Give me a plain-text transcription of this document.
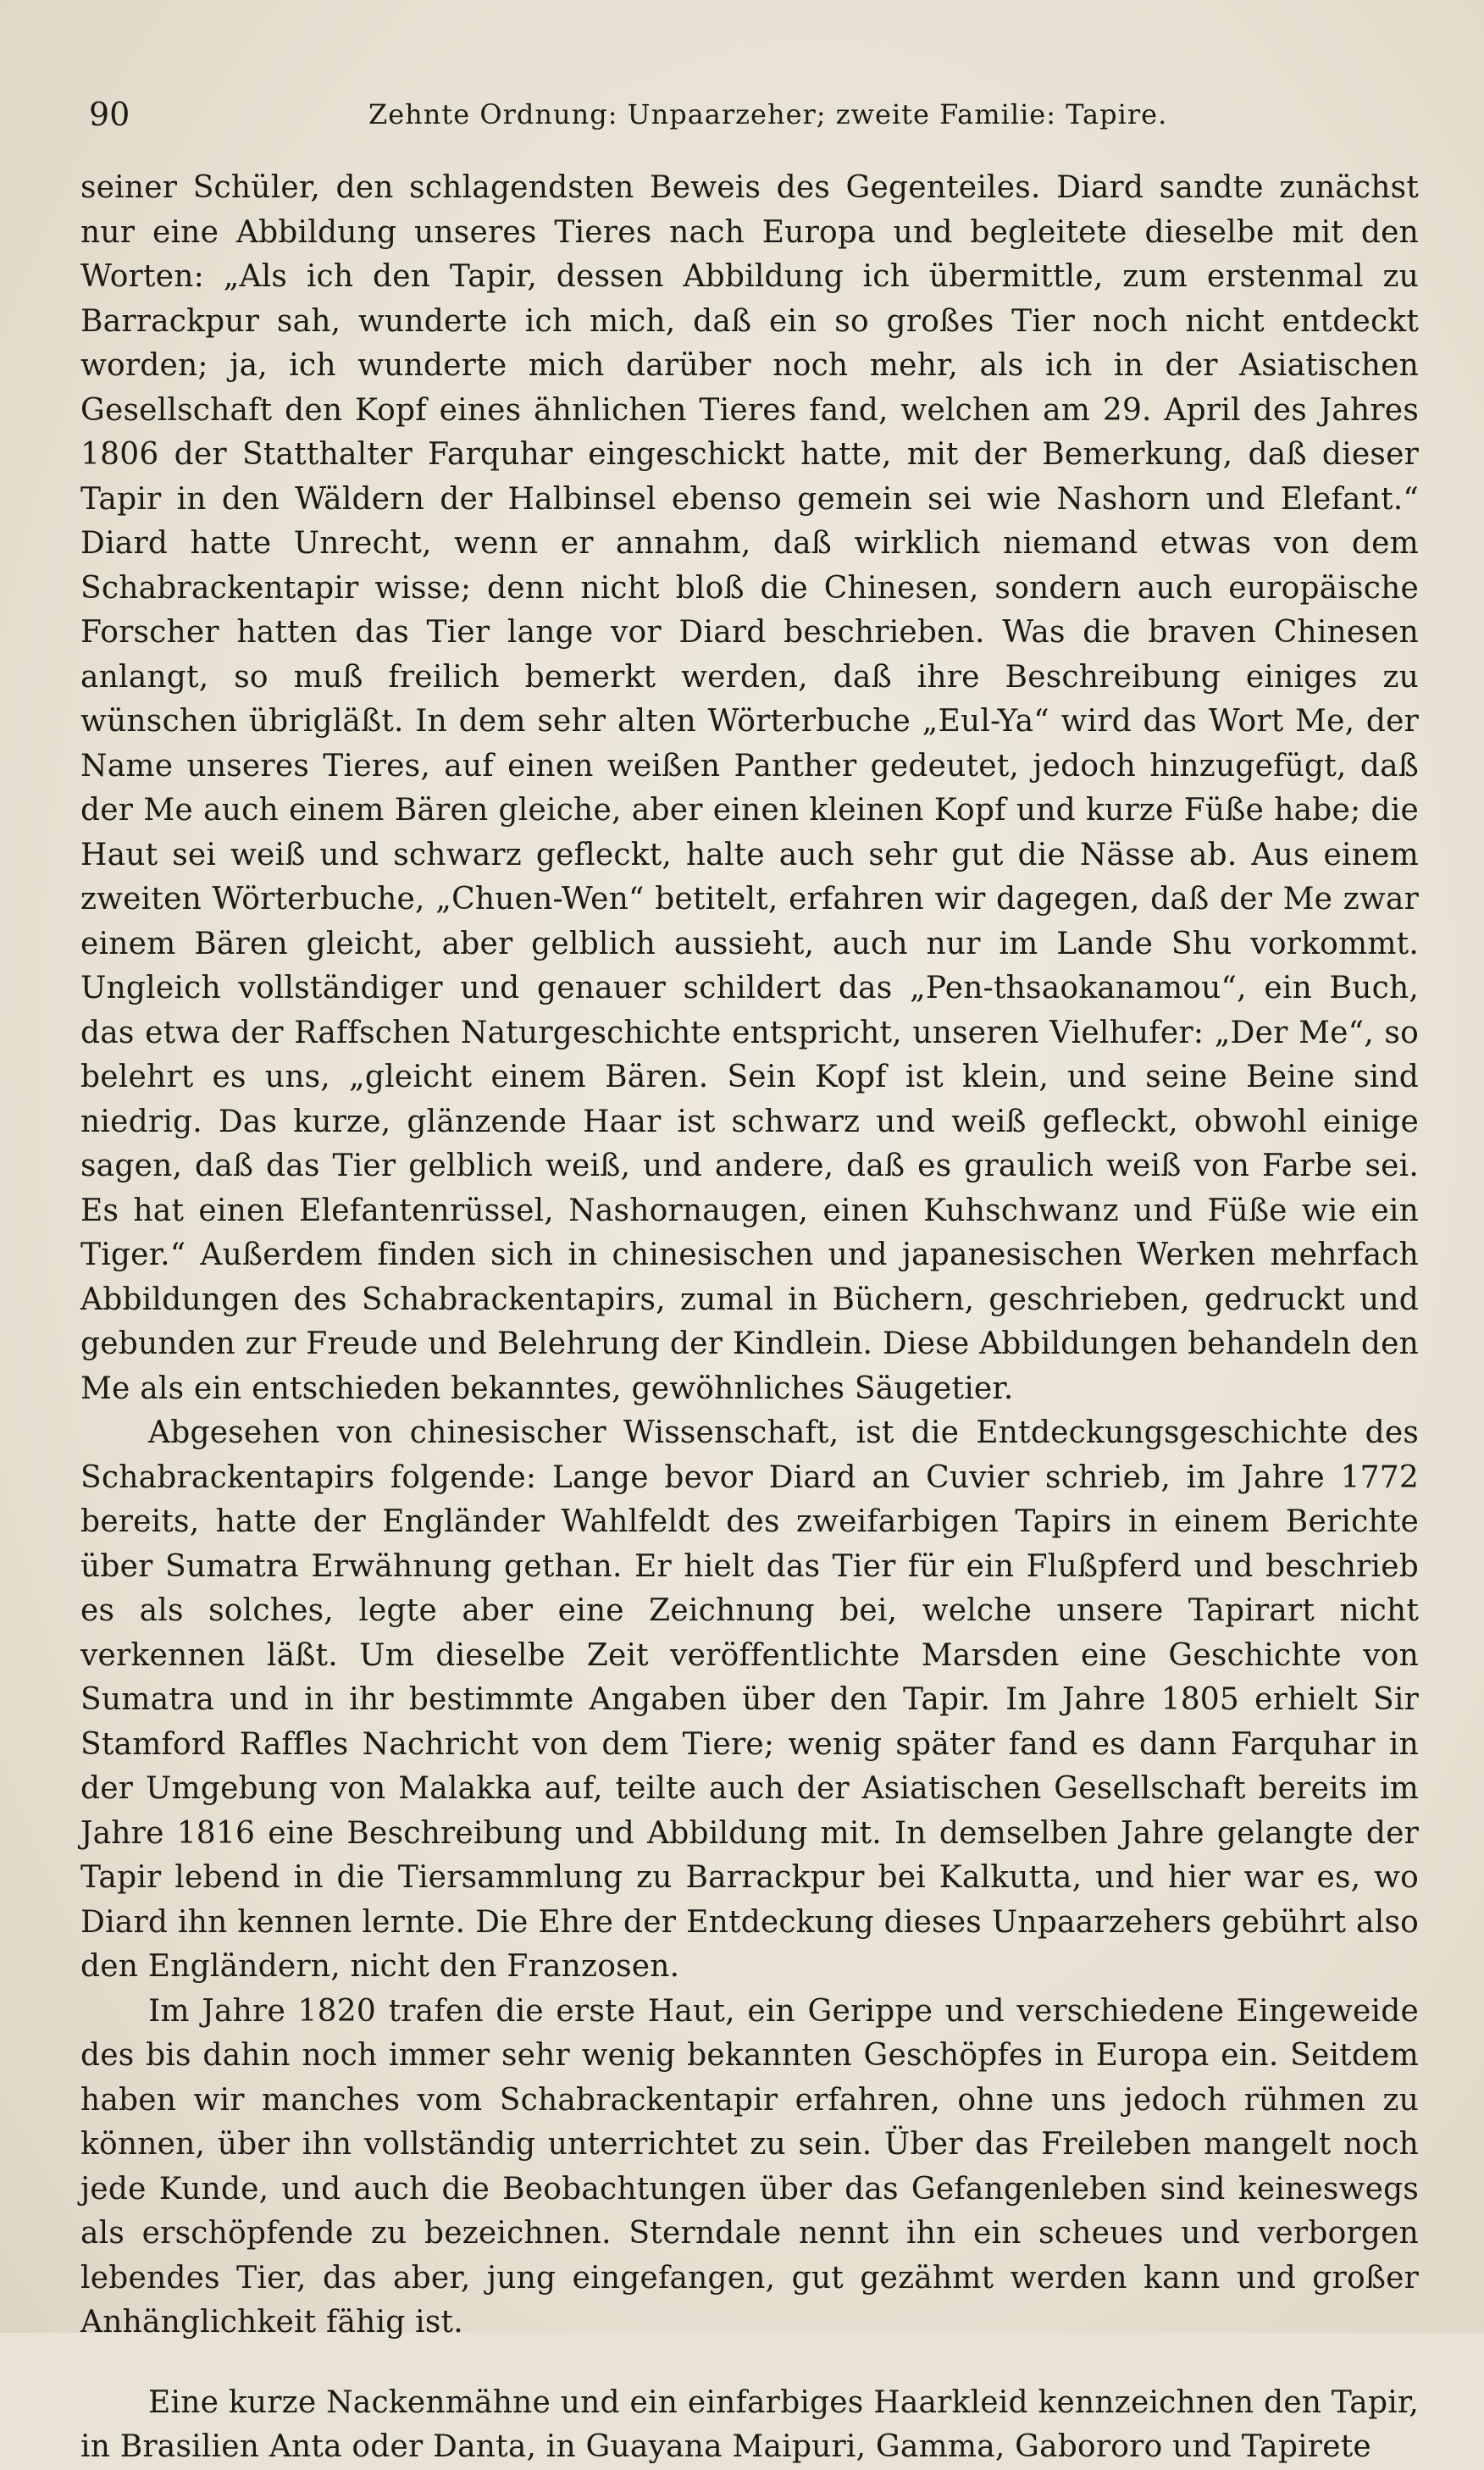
90	Zehnte Ordnung: Unpaarzeher; zweite Familie: Tapire.

seiner Schüler, den schlagendsten Beweis des Gegenteiles. Diard sandte zunächst nur eine Abbildung unseres Tieres nach Europa und begleitete dieselbe mit den Worten: „Als ich den Tapir, dessen Abbildung ich übermittle, zum erstenmal zu Barrackpur sah, wunderte ich mich, daß ein so großes Tier noch nicht entdeckt worden; ja, ich wunderte mich darüber noch mehr, als ich in der Asiatischen Gesellschaft den Kopf eines ähnlichen Tieres fand, welchen am 29. April des Jahres 1806 der Statthalter Farquhar eingeschickt hatte, mit der Bemerkung, daß dieser Tapir in den Wäldern der Halbinsel ebenso gemein sei wie Nashorn und Elefant.“ Diard hatte Unrecht, wenn er annahm, daß wirklich niemand etwas von dem Schabrackentapir wisse; denn nicht bloß die Chinesen, sondern auch europäische Forscher hatten das Tier lange vor Diard beschrieben. Was die braven Chinesen anlangt, so muß freilich bemerkt werden, daß ihre Beschreibung einiges zu wünschen übrigläßt. In dem sehr alten Wörterbuche „Eul-Ya“ wird das Wort Me, der Name unseres Tieres, auf einen weißen Panther gedeutet, jedoch hinzugefügt, daß der Me auch einem Bären gleiche, aber einen kleinen Kopf und kurze Füße habe; die Haut sei weiß und schwarz gefleckt, halte auch sehr gut die Nässe ab. Aus einem zweiten Wörterbuche, „Chuen-Wen“ betitelt, erfahren wir dagegen, daß der Me zwar einem Bären gleicht, aber gelblich aussieht, auch nur im Lande Shu vorkommt. Ungleich vollständiger und genauer schildert das „Pen-thsaokanamou“, ein Buch, das etwa der Raffschen Naturgeschichte entspricht, unseren Vielhufer: „Der Me“, so belehrt es uns, „gleicht einem Bären. Sein Kopf ist klein, und seine Beine sind niedrig. Das kurze, glänzende Haar ist schwarz und weiß gefleckt, obwohl einige sagen, daß das Tier gelblich weiß, und andere, daß es graulich weiß von Farbe sei. Es hat einen Elefantenrüssel, Nashornaugen, einen Kuhschwanz und Füße wie ein Tiger.“ Außerdem finden sich in chinesischen und japanesischen Werken mehrfach Abbildungen des Schabrackentapirs, zumal in Büchern, geschrieben, gedruckt und gebunden zur Freude und Belehrung der Kindlein. Diese Abbildungen behandeln den Me als ein entschieden bekanntes, gewöhnliches Säugetier.

Abgesehen von chinesischer Wissenschaft, ist die Entdeckungsgeschichte des Schabrackentapirs folgende: Lange bevor Diard an Cuvier schrieb, im Jahre 1772 bereits, hatte der Engländer Wahlfeldt des zweifarbigen Tapirs in einem Berichte über Sumatra Erwähnung gethan. Er hielt das Tier für ein Flußpferd und beschrieb es als solches, legte aber eine Zeichnung bei, welche unsere Tapirart nicht verkennen läßt. Um dieselbe Zeit veröffentlichte Marsden eine Geschichte von Sumatra und in ihr bestimmte Angaben über den Tapir. Im Jahre 1805 erhielt Sir Stamford Raffles Nachricht von dem Tiere; wenig später fand es dann Farquhar in der Umgebung von Malakka auf, teilte auch der Asiatischen Gesellschaft bereits im Jahre 1816 eine Beschreibung und Abbildung mit. In demselben Jahre gelangte der Tapir lebend in die Tiersammlung zu Barrackpur bei Kalkutta, und hier war es, wo Diard ihn kennen lernte. Die Ehre der Entdeckung dieses Unpaarzehers gebührt also den Engländern, nicht den Franzosen.

Im Jahre 1820 trafen die erste Haut, ein Gerippe und verschiedene Eingeweide des bis dahin noch immer sehr wenig bekannten Geschöpfes in Europa ein. Seitdem haben wir manches vom Schabrackentapir erfahren, ohne uns jedoch rühmen zu können, über ihn vollständig unterrichtet zu sein. Über das Freileben mangelt noch jede Kunde, und auch die Beobachtungen über das Gefangenleben sind keineswegs als erschöpfende zu bezeichnen. Sterndale nennt ihn ein scheues und verborgen lebendes Tier, das aber, jung eingefangen, gut gezähmt werden kann und großer Anhänglichkeit fähig ist.

Eine kurze Nackenmähne und ein einfarbiges Haarkleid kennzeichnen den Tapir, in Brasilien Anta oder Danta, in Guayana Maipuri, Gamma, Gabororo und Tapirete
